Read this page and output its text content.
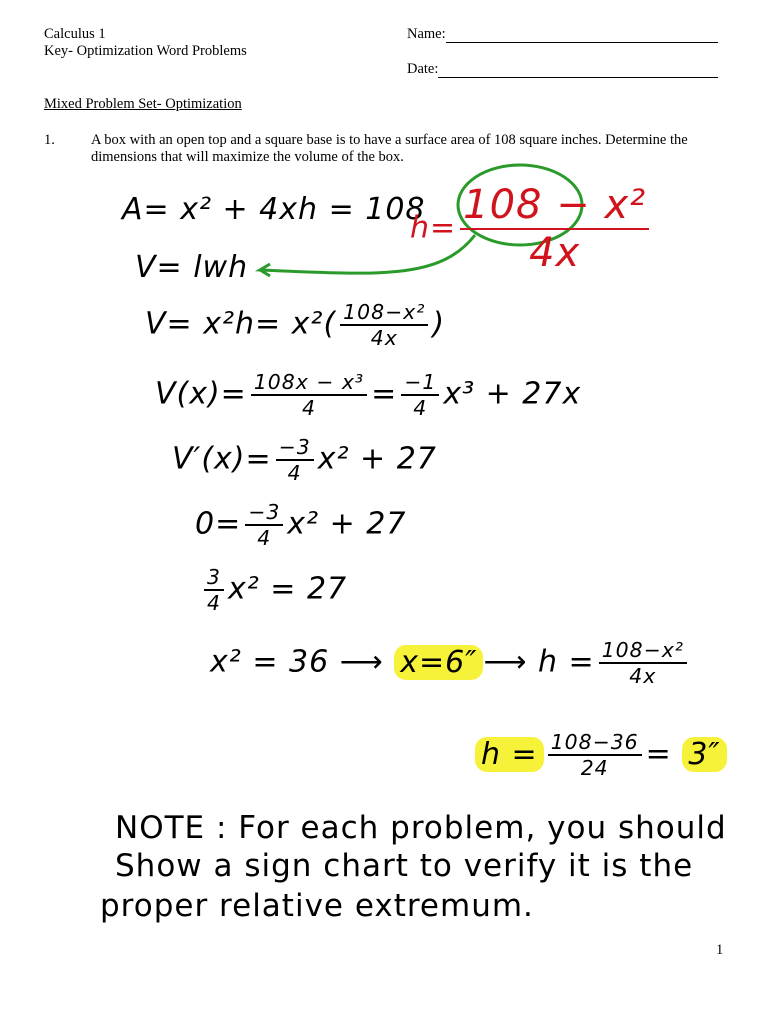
Calculus 1
Key- Optimization Word Problems
Name:
Date:
Mixed Problem Set- Optimization
1. A box with an open top and a square base is to have a surface area of 108 square inches. Determine the
dimensions that will maximize the volume of the box.
A= x² + 4xh = 108
$h= \frac{\text{108 − x²}}{4x}$
V= lwh
$V= x^2h= x^2( \frac{\text{108−x²}}{4x}$ )
$V(x)= \frac{\text{108x − x³}}{4} = \frac{-1}{4} x^3 + 27x$
$V'(x)= \frac{-3}{4} x^2 + 27$
$0= \frac{-3}{4} x^2 + 27$
$\frac{3}{4} x^2 = 27$
x² = 36 ⟶ x=6″ ⟶ $h = \frac{\text{108−x²}}{4x}$
$h = \frac{108-36}{24} = 3''$
NOTE : For each problem, you should
Show a sign chart to verify it is the
proper relative extremum.
1
